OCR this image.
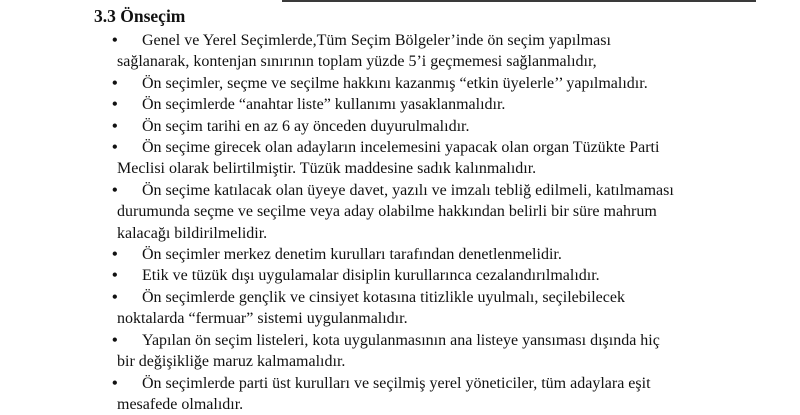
3.3 Önseçim
•	Genel ve Yerel Seçimlerde,Tüm Seçim Bölgeler’inde ön seçim yapılması
sağlanarak, kontenjan sınırının toplam yüzde 5’i geçmemesi sağlanmalıdır,
•	Ön seçimler, seçme ve seçilme hakkını kazanmış “etkin üyelerle’’ yapılmalıdır.
•	Ön seçimlerde “anahtar liste” kullanımı yasaklanmalıdır.
•	Ön seçim tarihi en az 6 ay önceden duyurulmalıdır.
•	Ön seçime girecek olan adayların incelemesini yapacak olan organ Tüzükte Parti
Meclisi olarak belirtilmiştir. Tüzük maddesine sadık kalınmalıdır.
•	Ön seçime katılacak olan üyeye davet, yazılı ve imzalı tebliğ edilmeli, katılmaması
durumunda seçme ve seçilme veya aday olabilme hakkından belirli bir süre mahrum
kalacağı bildirilmelidir.
•	Ön seçimler merkez denetim kurulları tarafından denetlenmelidir.
•	Etik ve tüzük dışı uygulamalar disiplin kurullarınca cezalandırılmalıdır.
•	Ön seçimlerde gençlik ve cinsiyet kotasına titizlikle uyulmalı, seçilebilecek
noktalarda “fermuar” sistemi uygulanmalıdır.
•	Yapılan ön seçim listeleri, kota uygulanmasının ana listeye yansıması dışında hiç
bir değişikliğe maruz kalmamalıdır.
•	Ön seçimlerde parti üst kurulları ve seçilmiş yerel yöneticiler, tüm adaylara eşit
mesafede olmalıdır.
